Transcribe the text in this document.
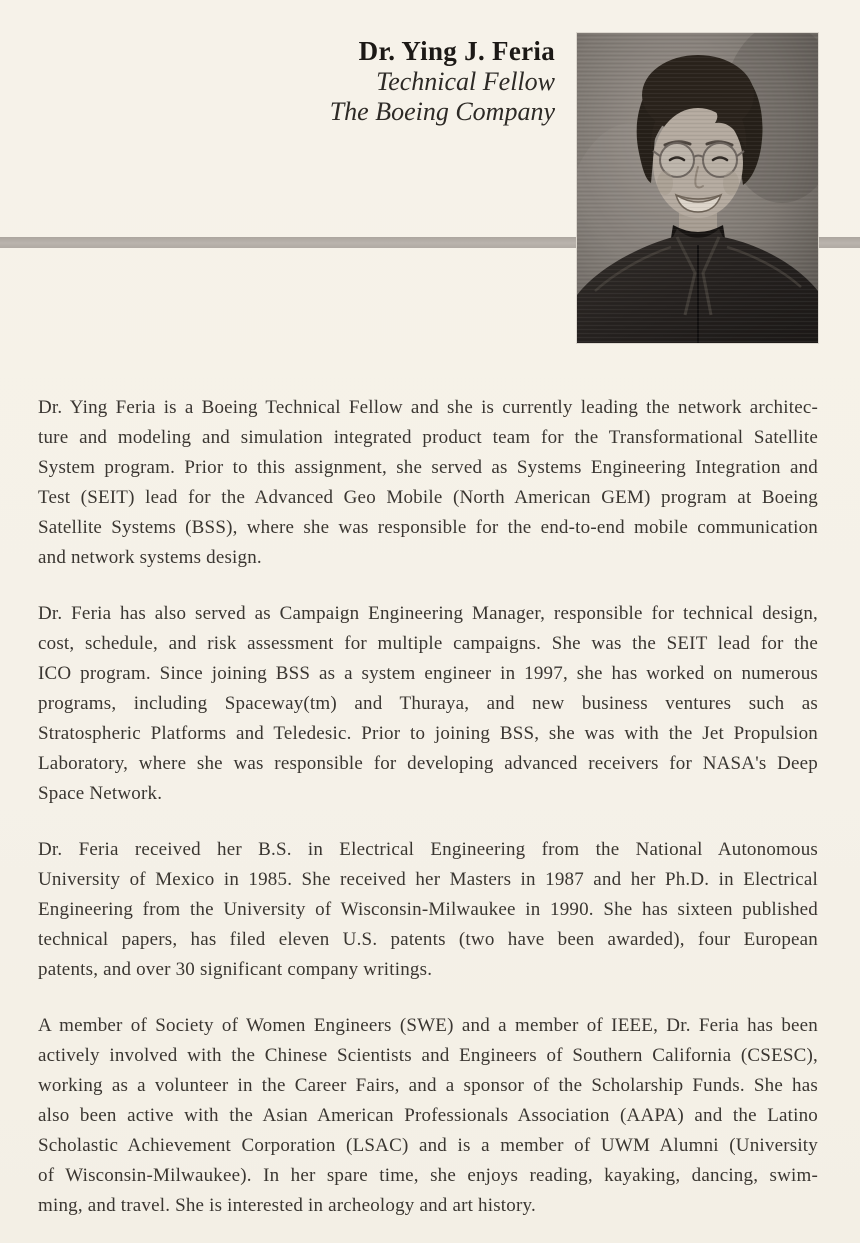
Dr. Ying J. Feria
Technical Fellow
The Boeing Company
Dr. Ying Feria is a Boeing Technical Fellow and she is currently leading the network architec-
ture and modeling and simulation integrated product team for the Transformational Satellite
System program. Prior to this assignment, she served as Systems Engineering Integration and
Test (SEIT) lead for the Advanced Geo Mobile (North American GEM) program at Boeing
Satellite Systems (BSS), where she was responsible for the end-to-end mobile communication
and network systems design.
Dr. Feria has also served as Campaign Engineering Manager, responsible for technical design,
cost, schedule, and risk assessment for multiple campaigns. She was the SEIT lead for the
ICO program. Since joining BSS as a system engineer in 1997, she has worked on numerous
programs, including Spaceway(tm) and Thuraya, and new business ventures such as
Stratospheric Platforms and Teledesic. Prior to joining BSS, she was with the Jet Propulsion
Laboratory, where she was responsible for developing advanced receivers for NASA's Deep
Space Network.
Dr. Feria received her B.S. in Electrical Engineering from the National Autonomous
University of Mexico in 1985. She received her Masters in 1987 and her Ph.D. in Electrical
Engineering from the University of Wisconsin-Milwaukee in 1990. She has sixteen published
technical papers, has filed eleven U.S. patents (two have been awarded), four European
patents, and over 30 significant company writings.
A member of Society of Women Engineers (SWE) and a member of IEEE, Dr. Feria has been
actively involved with the Chinese Scientists and Engineers of Southern California (CSESC),
working as a volunteer in the Career Fairs, and a sponsor of the Scholarship Funds. She has
also been active with the Asian American Professionals Association (AAPA) and the Latino
Scholastic Achievement Corporation (LSAC) and is a member of UWM Alumni (University
of Wisconsin-Milwaukee). In her spare time, she enjoys reading, kayaking, dancing, swim-
ming, and travel. She is interested in archeology and art history.
